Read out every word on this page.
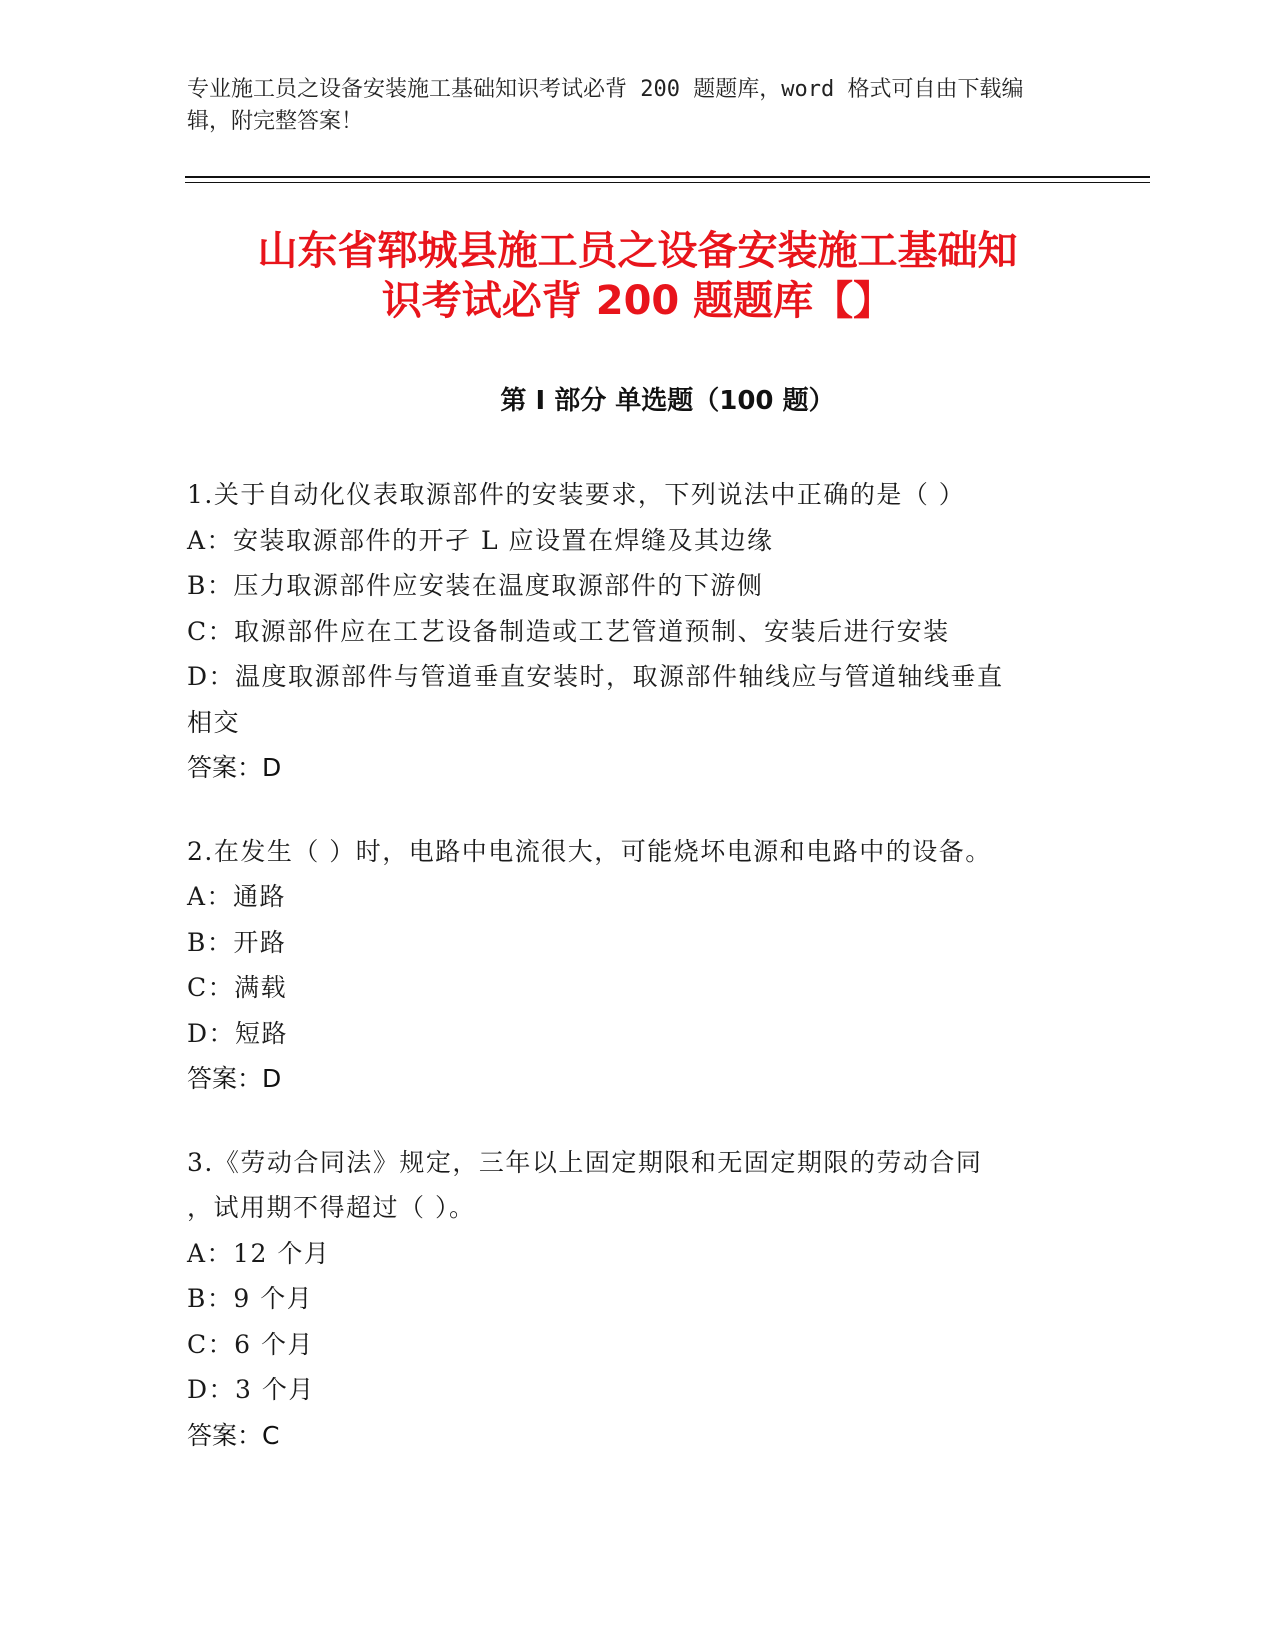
专业施工员之设备安装施工基础知识考试必背 200 题题库，word 格式可自由下载编辑，附完整答案！
山东省郓城县施工员之设备安装施工基础知
识考试必背 200 题题库【】
第 I 部分 单选题（100 题）
1.关于自动化仪表取源部件的安装要求，下列说法中正确的是（ ）
A：安装取源部件的开孑 L 应设置在焊缝及其边缘
B：压力取源部件应安装在温度取源部件的下游侧
C：取源部件应在工艺设备制造或工艺管道预制、安装后进行安装
D：温度取源部件与管道垂直安装时，取源部件轴线应与管道轴线垂直
相交
答案：D
2.在发生（ ）时，电路中电流很大，可能烧坏电源和电路中的设备。
A：通路
B：开路
C：满载
D：短路
答案：D
3.《劳动合同法》规定，三年以上固定期限和无固定期限的劳动合同
，试用期不得超过（ ）。
A：12 个月
B：9 个月
C：6 个月
D：3 个月
答案：C
